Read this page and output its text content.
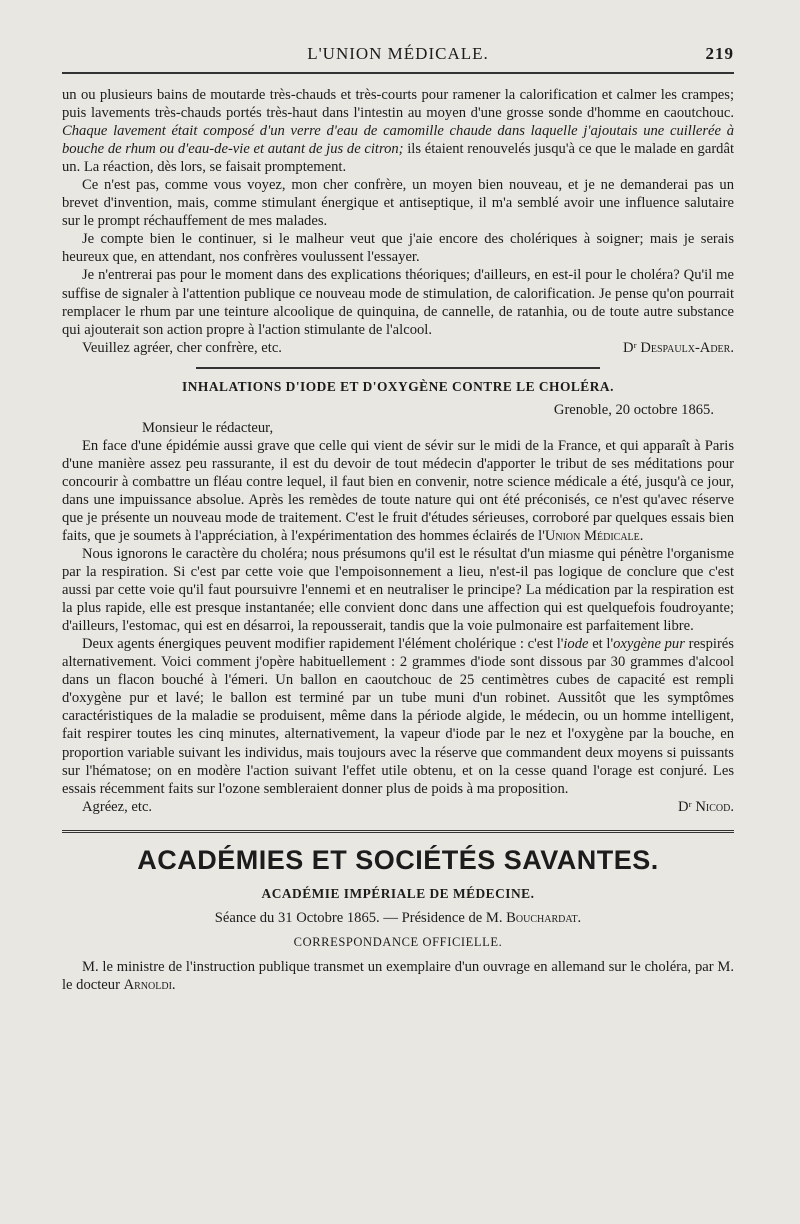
L'UNION MÉDICALE.	219

un ou plusieurs bains de moutarde très-chauds et très-courts pour ramener la calorification et calmer les crampes; puis lavements très-chauds portés très-haut dans l'intestin au moyen d'une grosse sonde d'homme en caoutchouc. Chaque lavement était composé d'un verre d'eau de camomille chaude dans laquelle j'ajoutais une cuillerée à bouche de rhum ou d'eau-de-vie et autant de jus de citron; ils étaient renouvelés jusqu'à ce que le malade en gardât un. La réaction, dès lors, se faisait promptement.

Ce n'est pas, comme vous voyez, mon cher confrère, un moyen bien nouveau, et je ne demanderai pas un brevet d'invention, mais, comme stimulant énergique et antiseptique, il m'a semblé avoir une influence salutaire sur le prompt réchauffement de mes malades.

Je compte bien le continuer, si le malheur veut que j'aie encore des cholériques à soigner; mais je serais heureux que, en attendant, nos confrères voulussent l'essayer.

Je n'entrerai pas pour le moment dans des explications théoriques; d'ailleurs, en est-il pour le choléra? Qu'il me suffise de signaler à l'attention publique ce nouveau mode de stimulation, de calorification. Je pense qu'on pourrait remplacer le rhum par une teinture alcoolique de quinquina, de cannelle, de ratanhia, ou de toute autre substance qui ajouterait son action propre à l'action stimulante de l'alcool.

Veuillez agréer, cher confrère, etc.	Dʳ Despaulx-Ader.

INHALATIONS D'IODE ET D'OXYGÈNE CONTRE LE CHOLÉRA.
Grenoble, 20 octobre 1865.
Monsieur le rédacteur,

En face d'une épidémie aussi grave que celle qui vient de sévir sur le midi de la France, et qui apparaît à Paris d'une manière assez peu rassurante, il est du devoir de tout médecin d'apporter le tribut de ses méditations pour concourir à combattre un fléau contre lequel, il faut bien en convenir, notre science médicale a été, jusqu'à ce jour, dans une impuissance absolue. Après les remèdes de toute nature qui ont été préconisés, ce n'est qu'avec réserve que je présente un nouveau mode de traitement. C'est le fruit d'études sérieuses, corroboré par quelques essais bien faits, que je soumets à l'appréciation, à l'expérimentation des hommes éclairés de l'Union Médicale.

Nous ignorons le caractère du choléra; nous présumons qu'il est le résultat d'un miasme qui pénètre l'organisme par la respiration. Si c'est par cette voie que l'empoisonnement a lieu, n'est-il pas logique de conclure que c'est aussi par cette voie qu'il faut poursuivre l'ennemi et en neutraliser le principe? La médication par la respiration est la plus rapide, elle est presque instantanée; elle convient donc dans une affection qui est quelquefois foudroyante; d'ailleurs, l'estomac, qui est en désarroi, la repousserait, tandis que la voie pulmonaire est parfaitement libre.

Deux agents énergiques peuvent modifier rapidement l'élément cholérique : c'est l'iode et l'oxygène pur respirés alternativement. Voici comment j'opère habituellement : 2 grammes d'iode sont dissous par 30 grammes d'alcool dans un flacon bouché à l'émeri. Un ballon en caoutchouc de 25 centimètres cubes de capacité est rempli d'oxygène pur et lavé; le ballon est terminé par un tube muni d'un robinet. Aussitôt que les symptômes caractéristiques de la maladie se produisent, même dans la période algide, le médecin, ou un homme intelligent, fait respirer toutes les cinq minutes, alternativement, la vapeur d'iode par le nez et l'oxygène par la bouche, en proportion variable suivant les individus, mais toujours avec la réserve que commandent deux moyens si puissants sur l'hématose; on en modère l'action suivant l'effet utile obtenu, et on la cesse quand l'orage est conjuré. Les essais récemment faits sur l'ozone sembleraient donner plus de poids à ma proposition.

Agréez, etc.	Dʳ Nicod.

ACADÉMIES ET SOCIÉTÉS SAVANTES.
ACADÉMIE IMPÉRIALE DE MÉDECINE.
Séance du 31 Octobre 1865. — Présidence de M. Bouchardat.
CORRESPONDANCE OFFICIELLE.

M. le ministre de l'instruction publique transmet un exemplaire d'un ouvrage en allemand sur le choléra, par M. le docteur Arnoldi.
